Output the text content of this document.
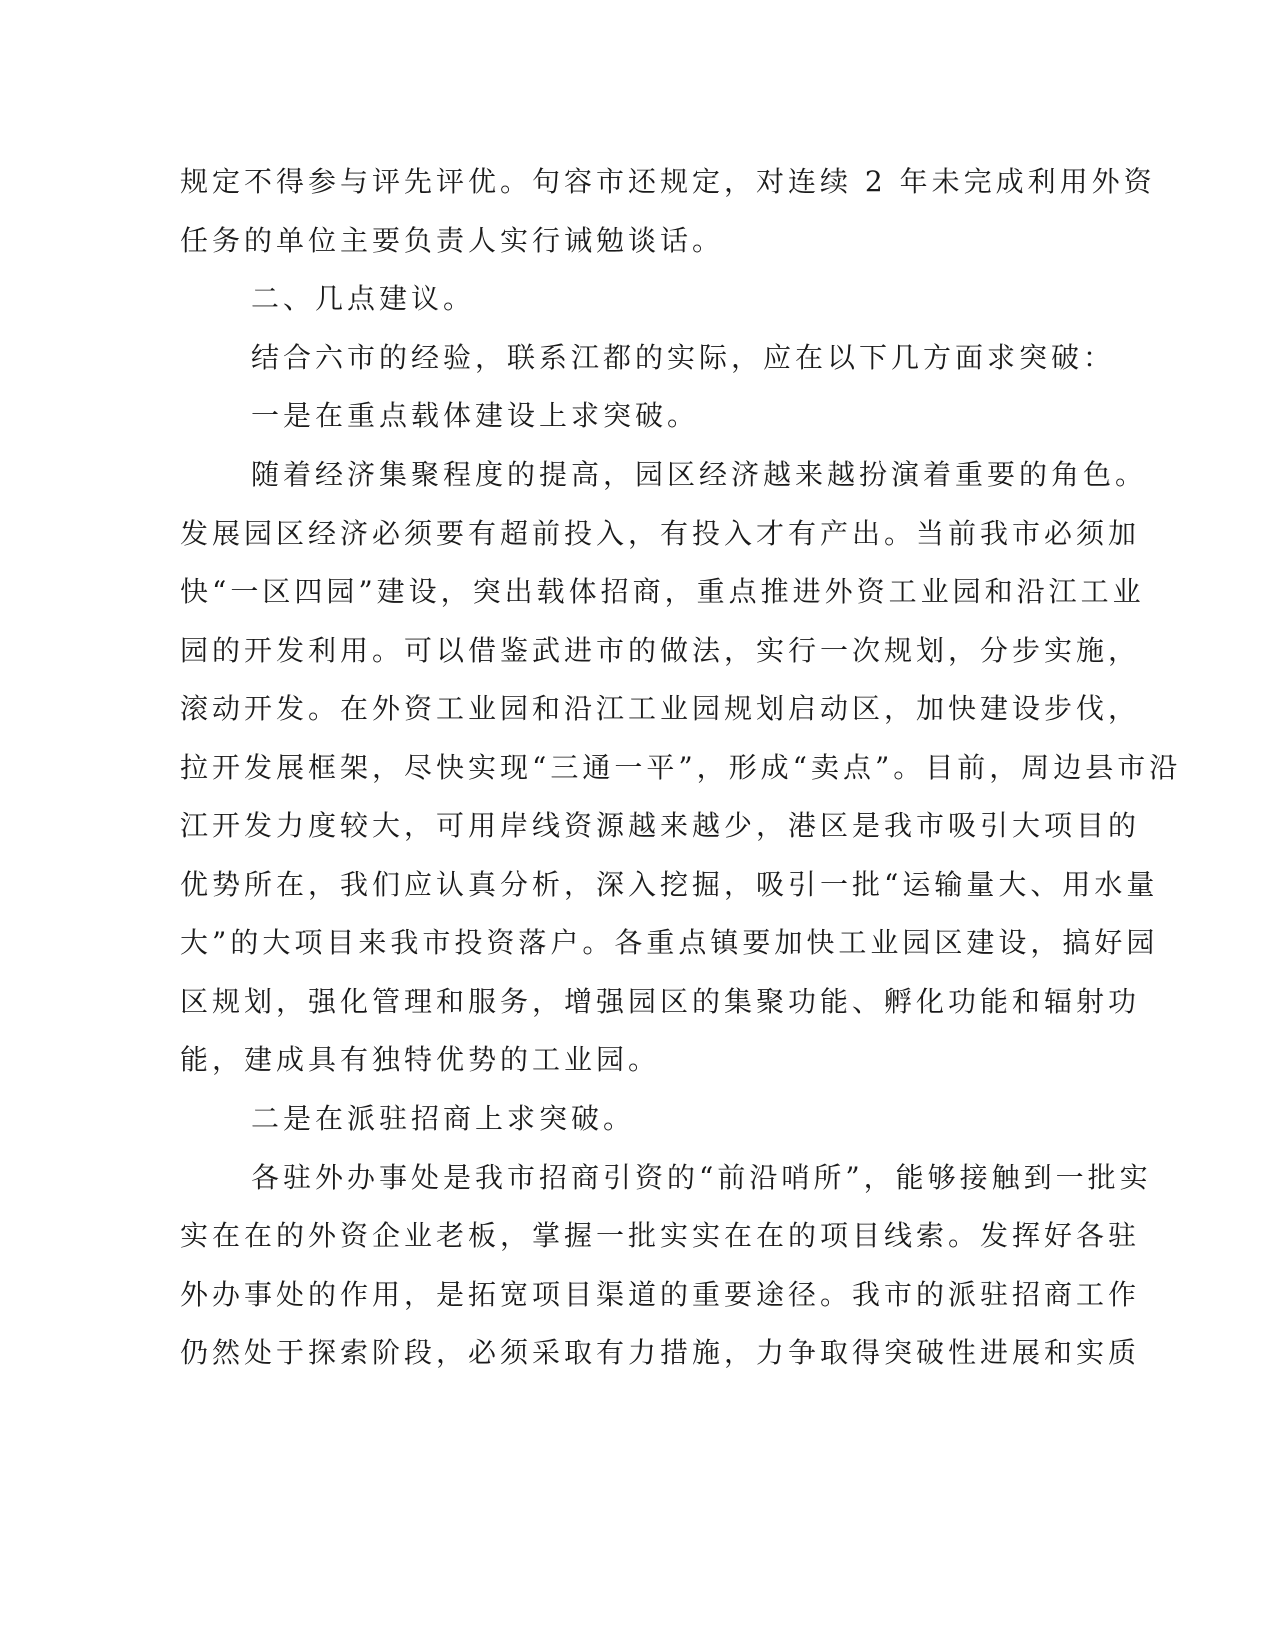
规定不得参与评先评优。句容市还规定，对连续 2 年未完成利用外资
任务的单位主要负责人实行诫勉谈话。
二、几点建议。
结合六市的经验，联系江都的实际，应在以下几方面求突破：
一是在重点载体建设上求突破。
随着经济集聚程度的提高，园区经济越来越扮演着重要的角色。
发展园区经济必须要有超前投入，有投入才有产出。当前我市必须加
快“一区四园”建设，突出载体招商，重点推进外资工业园和沿江工业
园的开发利用。可以借鉴武进市的做法，实行一次规划，分步实施，
滚动开发。在外资工业园和沿江工业园规划启动区，加快建设步伐，
拉开发展框架，尽快实现“三通一平”，形成“卖点”。目前，周边县市沿
江开发力度较大，可用岸线资源越来越少，港区是我市吸引大项目的
优势所在，我们应认真分析，深入挖掘，吸引一批“运输量大、用水量
大”的大项目来我市投资落户。各重点镇要加快工业园区建设，搞好园
区规划，强化管理和服务，增强园区的集聚功能、孵化功能和辐射功
能，建成具有独特优势的工业园。
二是在派驻招商上求突破。
各驻外办事处是我市招商引资的“前沿哨所”，能够接触到一批实
实在在的外资企业老板，掌握一批实实在在的项目线索。发挥好各驻
外办事处的作用，是拓宽项目渠道的重要途径。我市的派驻招商工作
仍然处于探索阶段，必须采取有力措施，力争取得突破性进展和实质
